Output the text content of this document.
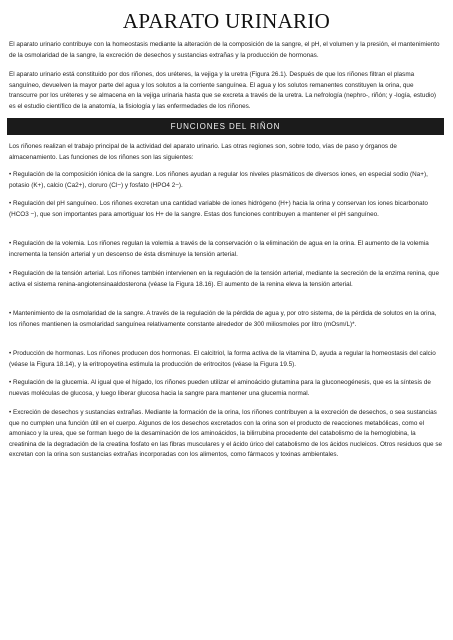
APARATO URINARIO

El aparato urinario contribuye con la homeostasis mediante la alteración de la composición de la sangre, el pH, el volumen y la presión, el mantenimiento de la osmolaridad de la sangre, la excreción de desechos y sustancias extrañas y la producción de hormonas.

El aparato urinario está constituido por dos riñones, dos uréteres, la vejiga y la uretra (Figura 26.1). Después de que los riñones filtran el plasma sanguíneo, devuelven la mayor parte del agua y los solutos a la corriente sanguínea. El agua y los solutos remanentes constituyen la orina, que transcurre por los uréteres y se almacena en la vejiga urinaria hasta que se excreta a través de la uretra. La nefrología (nephro-, riñón; y -logía, estudio) es el estudio científico de la anatomía, la fisiología y las enfermedades de los riñones.

FUNCIONES DEL RIÑON

Los riñones realizan el trabajo principal de la actividad del aparato urinario. Las otras regiones son, sobre todo, vías de paso y órganos de almacenamiento. Las funciones de los riñones son las siguientes:

• Regulación de la composición iónica de la sangre. Los riñones ayudan a regular los niveles plasmáticos de diversos iones, en especial sodio (Na+), potasio (K+), calcio (Ca2+), cloruro (Cl−) y fosfato (HPO4 2−).

• Regulación del pH sanguíneo. Los riñones excretan una cantidad variable de iones hidrógeno (H+) hacia la orina y conservan los iones bicarbonato (HCO3 −), que son importantes para amortiguar los H+ de la sangre. Estas dos funciones contribuyen a mantener el pH sanguíneo.

• Regulación de la volemia. Los riñones regulan la volemia a través de la conservación o la eliminación de agua en la orina. El aumento de la volemia incrementa la tensión arterial y un descenso de ésta disminuye la tensión arterial.

• Regulación de la tensión arterial. Los riñones también intervienen en la regulación de la tensión arterial, mediante la secreción de la enzima renina, que activa el sistema renina-angiotensinaaldosterona (véase la Figura 18.16). El aumento de la renina eleva la tensión arterial.

• Mantenimiento de la osmolaridad de la sangre. A través de la regulación de la pérdida de agua y, por otro sistema, de la pérdida de solutos en la orina, los riñones mantienen la osmolaridad sanguínea relativamente constante alrededor de 300 miliosmoles por litro (mOsm/L)*.

• Producción de hormonas. Los riñones producen dos hormonas. El calcitriol, la forma activa de la vitamina D, ayuda a regular la homeostasis del calcio (véase la Figura 18.14), y la eritropoyetina estimula la producción de eritrocitos (véase la Figura 19.5).

• Regulación de la glucemia. Al igual que el hígado, los riñones pueden utilizar el aminoácido glutamina para la gluconeogénesis, que es la síntesis de nuevas moléculas de glucosa, y luego liberar glucosa hacia la sangre para mantener una glucemia normal.

• Excreción de desechos y sustancias extrañas. Mediante la formación de la orina, los riñones contribuyen a la excreción de desechos, o sea sustancias que no cumplen una función útil en el cuerpo. Algunos de los desechos excretados con la orina son el producto de reacciones metabólicas, como el amoniaco y la urea, que se forman luego de la desaminación de los aminoácidos, la bilirrubina procedente del catabolismo de la hemoglobina, la creatinina de la degradación de la creatina fosfato en las fibras musculares y el ácido úrico del catabolismo de los ácidos nucleicos. Otros residuos que se excretan con la orina son sustancias extrañas incorporadas con los alimentos, como fármacos y toxinas ambientales.
